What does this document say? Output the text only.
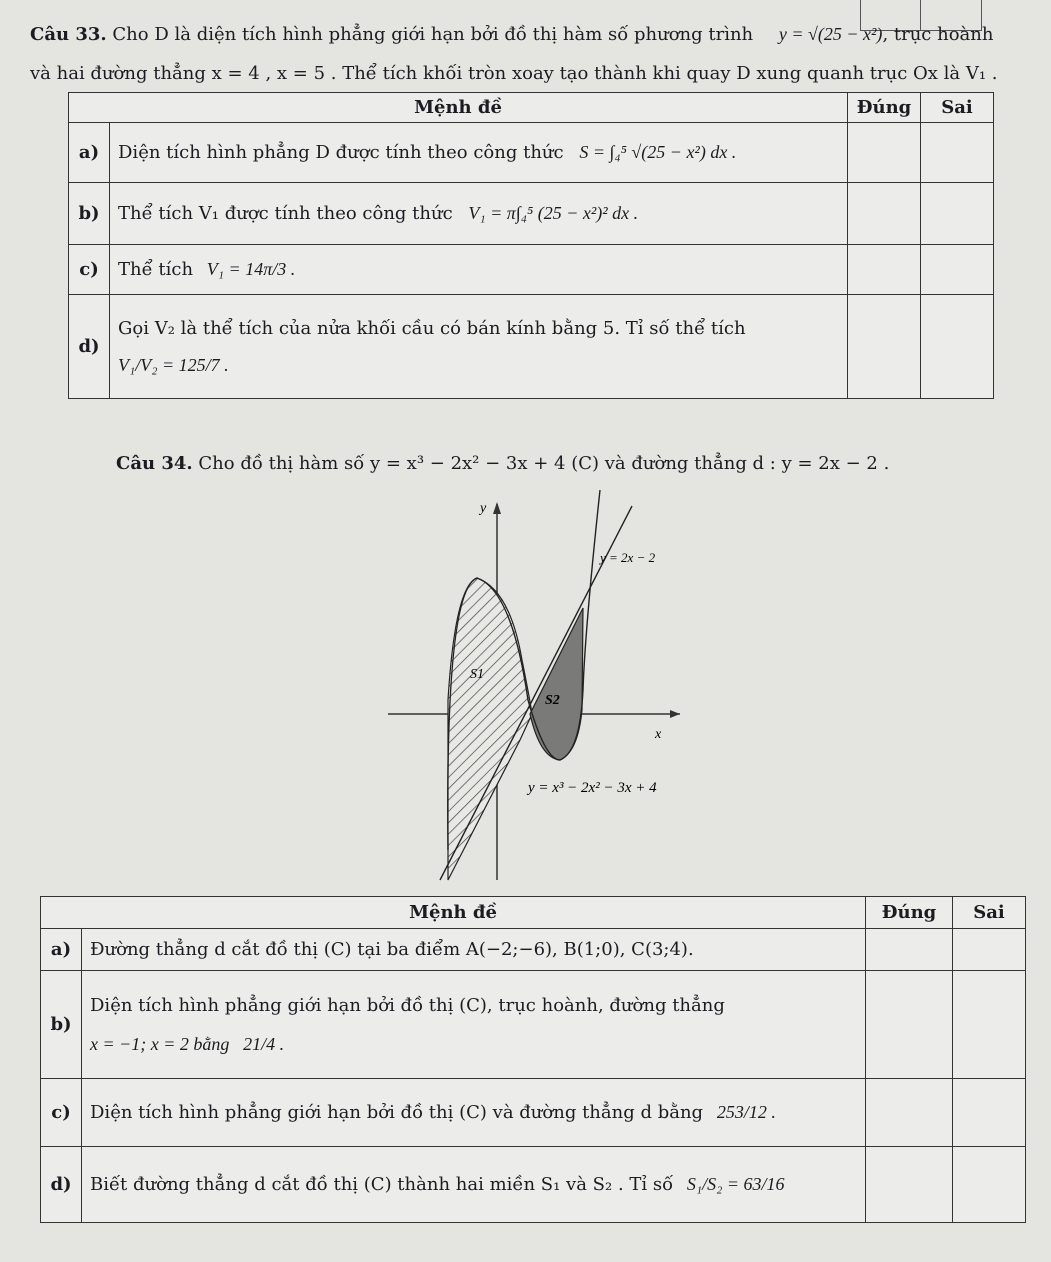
Câu 33. Cho D là diện tích hình phẳng giới hạn bởi đồ thị hàm số phương trình y = √(25 − x²), trục hoành
và hai đường thẳng x = 4 , x = 5 . Thể tích khối tròn xoay tạo thành khi quay D xung quanh trục Ox là V₁ .
Mệnh đề		Đúng	Sai
a)	Diện tích hình phẳng D được tính theo công thức S = ∫₄⁵ √(25 − x²) dx .		
b)	Thể tích V₁ được tính theo công thức V₁ = π∫₄⁵ (25 − x²)² dx .		
c)	Thể tích V₁ = 14π/3 .		
d)	Gọi V₂ là thể tích của nửa khối cầu có bán kính bằng 5. Tỉ số thể tích
V₁/V₂ = 125/7 .		

Câu 34. Cho đồ thị hàm số y = x³ − 2x² − 3x + 4 (C) và đường thẳng d : y = 2x − 2 .
y
x
y = 2x − 2
y = x³ − 2x² − 3x + 4
S1
S2
Mệnh đề		Đúng	Sai
a)	Đường thẳng d cắt đồ thị (C) tại ba điểm A(−2;−6), B(1;0), C(3;4).		
b)	Diện tích hình phẳng giới hạn bởi đồ thị (C), trục hoành, đường thẳng
x = −1; x = 2 bằng 21/4 .		

c)	Diện tích hình phẳng giới hạn bởi đồ thị (C) và đường thẳng d bằng 253/12 .		
d)	Biết đường thẳng d cắt đồ thị (C) thành hai miền S₁ và S₂ . Tỉ số S₁/S₂ = 63/16		
